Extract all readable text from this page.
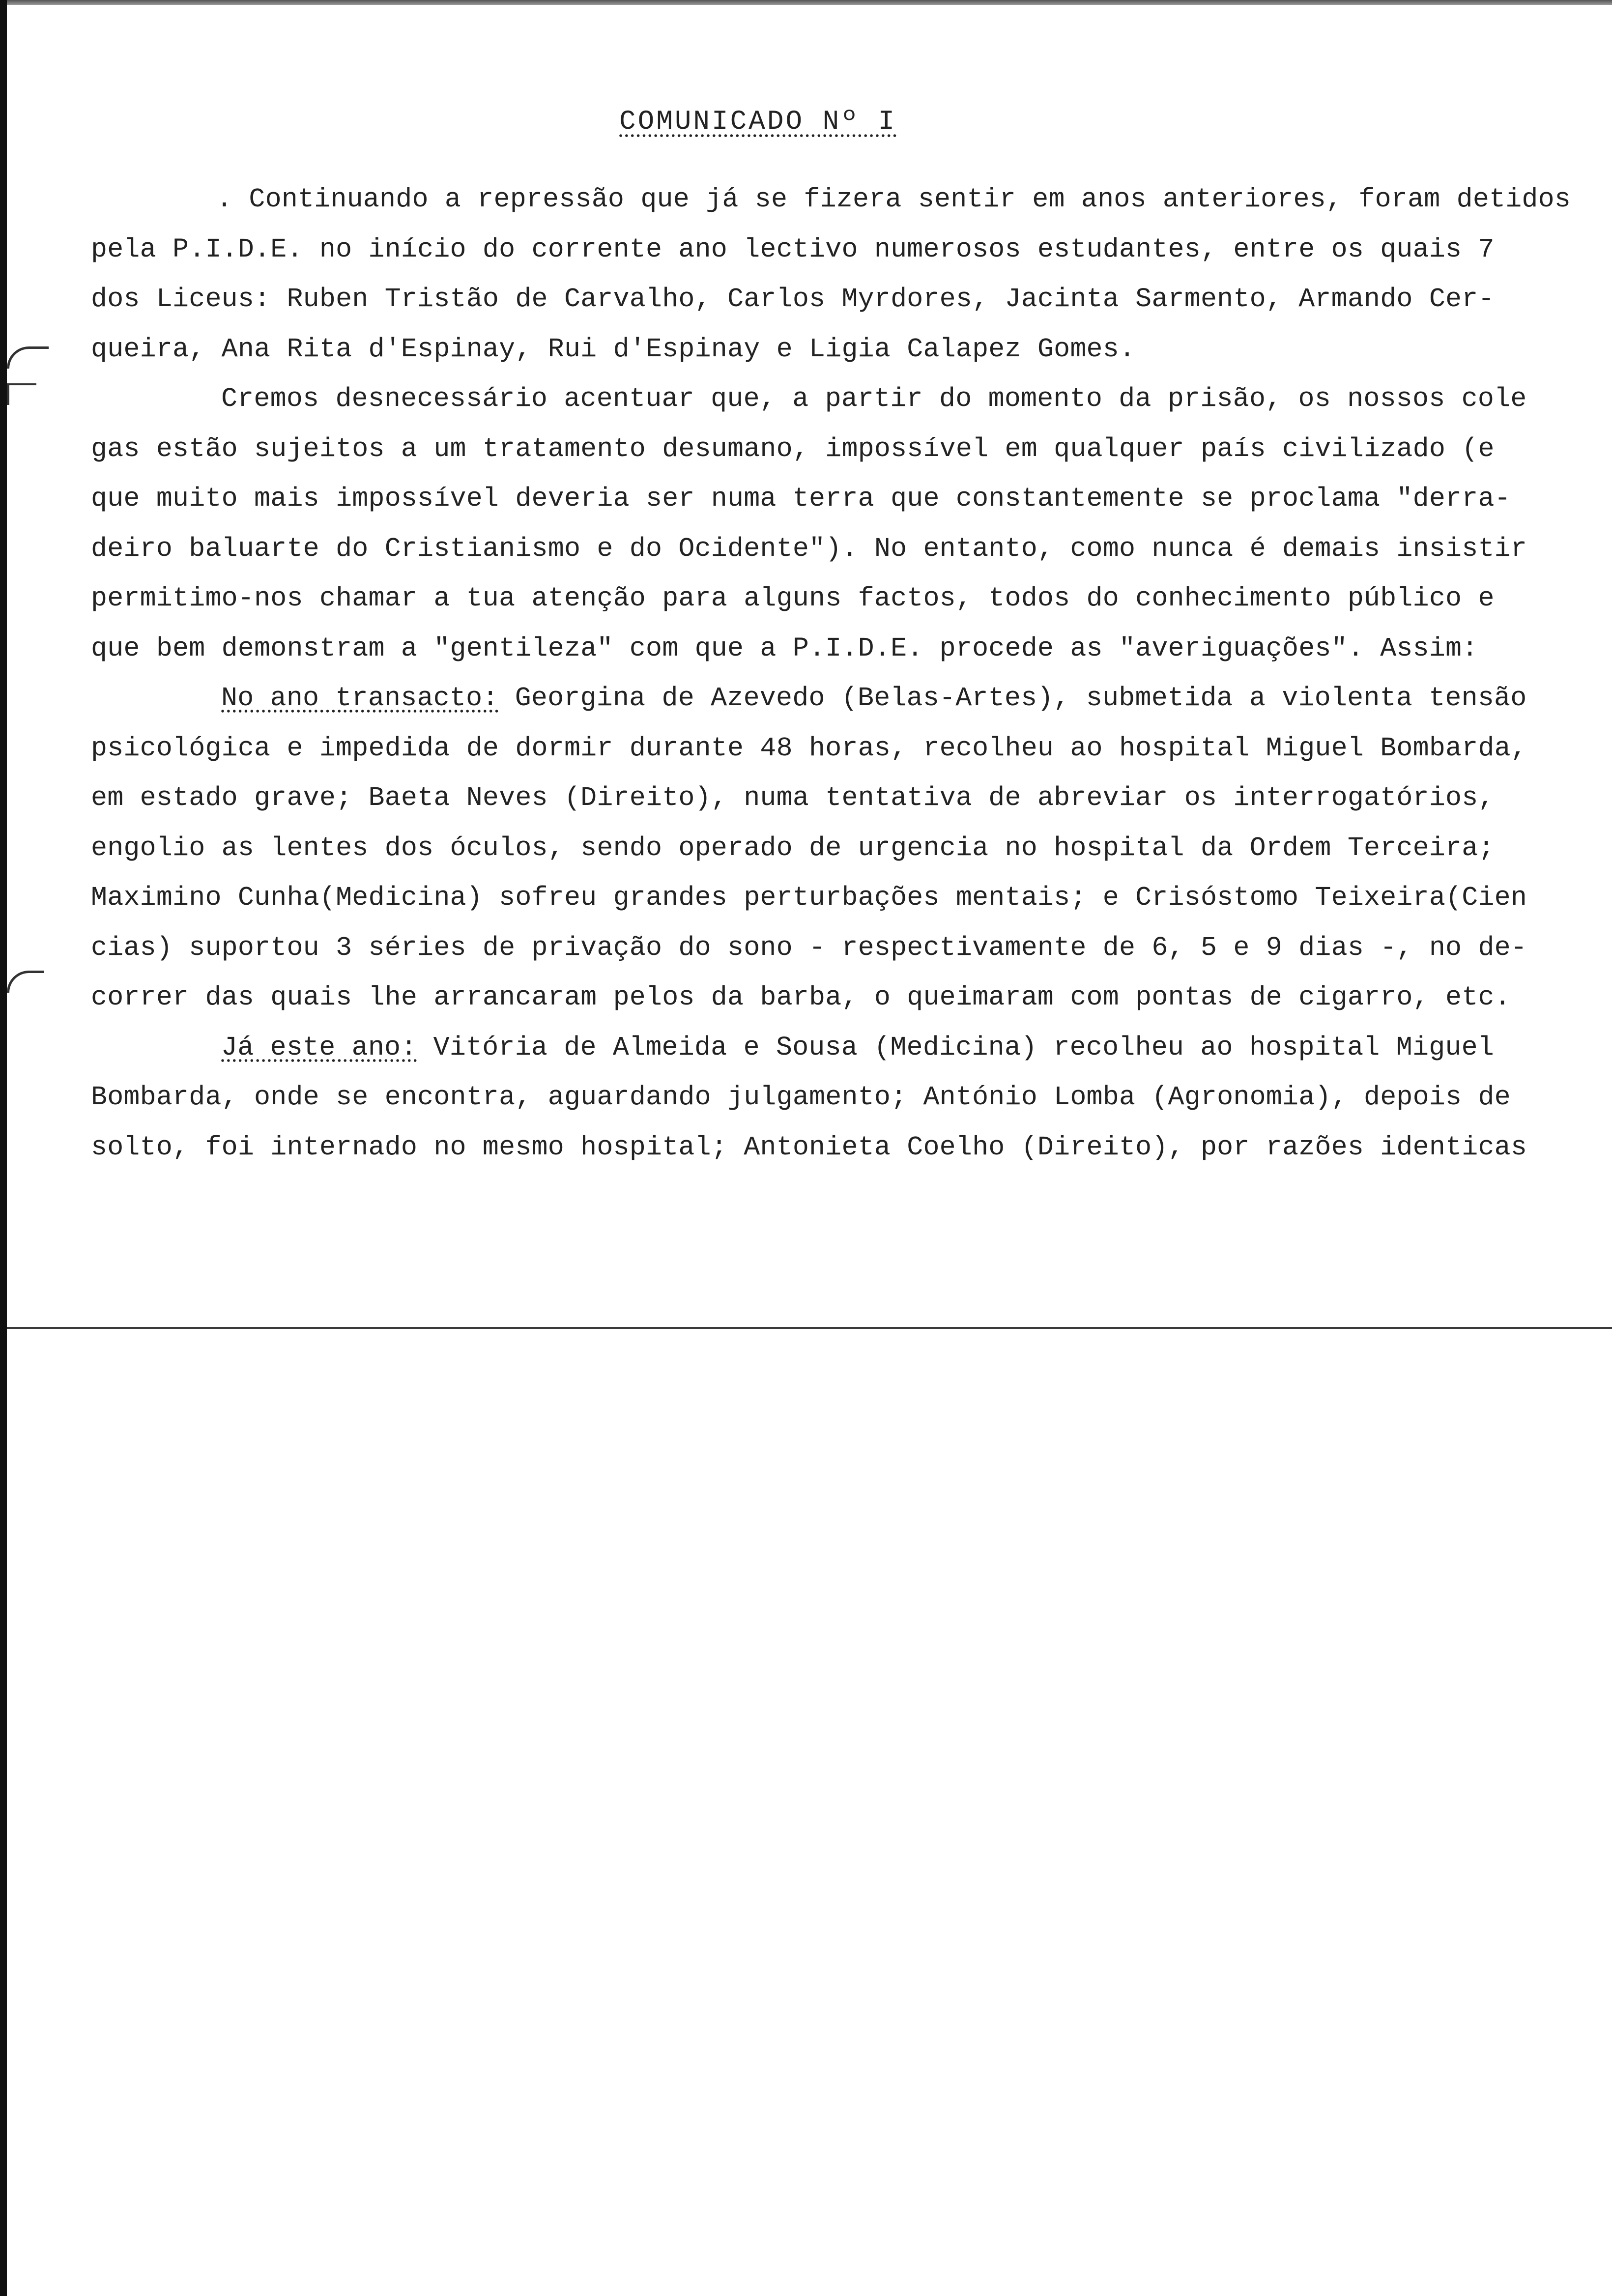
COMUNICADO Nº I
. Continuando a repressão que já se fizera sentir em anos anteriores, foram detidos
pela P.I.D.E. no início do corrente ano lectivo numerosos estudantes, entre os quais 7
dos Liceus: Ruben Tristão de Carvalho, Carlos Myrdores, Jacinta Sarmento, Armando Cer-
queira, Ana Rita d'Espinay, Rui d'Espinay e Ligia Calapez Gomes.
Cremos desnecessário acentuar que, a partir do momento da prisão, os nossos cole
gas estão sujeitos a um tratamento desumano, impossível em qualquer país civilizado (e
que muito mais impossível deveria ser numa terra que constantemente se proclama "derra-
deiro baluarte do Cristianismo e do Ocidente"). No entanto, como nunca é demais insistir
permitimo-nos chamar a tua atenção para alguns factos, todos do conhecimento público e
que bem demonstram a "gentileza" com que a P.I.D.E. procede as "averiguações". Assim:
No ano transacto: Georgina de Azevedo (Belas-Artes), submetida a violenta tensão
psicológica e impedida de dormir durante 48 horas, recolheu ao hospital Miguel Bombarda,
em estado grave; Baeta Neves (Direito), numa tentativa de abreviar os interrogatórios,
engolio as lentes dos óculos, sendo operado de urgencia no hospital da Ordem Terceira;
Maximino Cunha(Medicina) sofreu grandes perturbações mentais; e Crisóstomo Teixeira(Cien
cias) suportou 3 séries de privação do sono - respectivamente de 6, 5 e 9 dias -, no de-
correr das quais lhe arrancaram pelos da barba, o queimaram com pontas de cigarro, etc.
Já este ano: Vitória de Almeida e Sousa (Medicina) recolheu ao hospital Miguel
Bombarda, onde se encontra, aguardando julgamento; António Lomba (Agronomia), depois de
solto, foi internado no mesmo hospital; Antonieta Coelho (Direito), por razões identicas
